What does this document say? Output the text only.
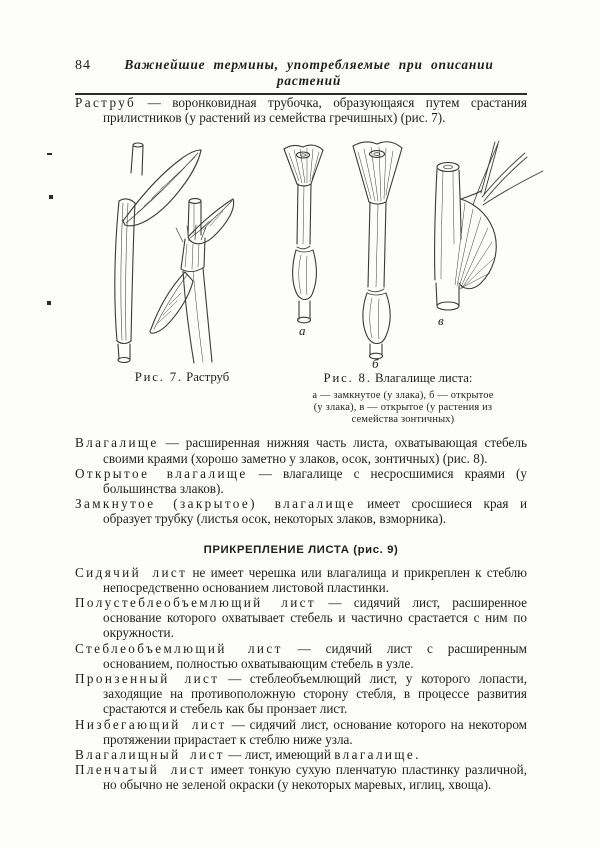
84	Важнейшие термины, употребляемые при описании растений

Раструб — воронковидная трубочка, образующаяся путем срастания прилистников (у растений из семейства гречишных) (рис. 7).

а
б
в
Рис. 7. Раструб	Рис. 8. Влагалище листа:
а — замкнутое (у злака), б — открытое
(у злака), в — открытое (у растения из
семейства зонтичных)

Влагалище — расширенная нижняя часть листа, охватывающая стебель своими краями (хорошо заметно у злаков, осок, зонтичных) (рис. 8).

Открытое влагалище — влагалище с несросшимися краями (у большинства злаков).

Замкнутое (закрытое) влагалище имеет сросшиеся края и образует трубку (листья осок, некоторых злаков, взморника).

ПРИКРЕПЛЕНИЕ ЛИСТА (рис. 9)

Сидячий лист не имеет черешка или влагалища и прикреплен к стеблю непосредственно основанием листовой пластинки.

Полустеблеобъемлющий лист — сидячий лист, расширенное основание которого охватывает стебель и частично срастается с ним по окружности.

Стеблеобъемлющий лист — сидячий лист с расширенным основанием, полностью охватывающим стебель в узле.

Пронзенный лист — стеблеобъемлющий лист, у которого лопасти, заходящие на противоположную сторону стебля, в процессе развития срастаются и стебель как бы пронзает лист.

Низбегающий лист — сидячий лист, основание которого на некотором протяжении прирастает к стеблю ниже узла.

Влагалищный лист — лист, имеющий влагалище.

Пленчатый лист имеет тонкую сухую пленчатую пластинку различной, но обычно не зеленой окраски (у некоторых маревых, иглиц, хвоща).
